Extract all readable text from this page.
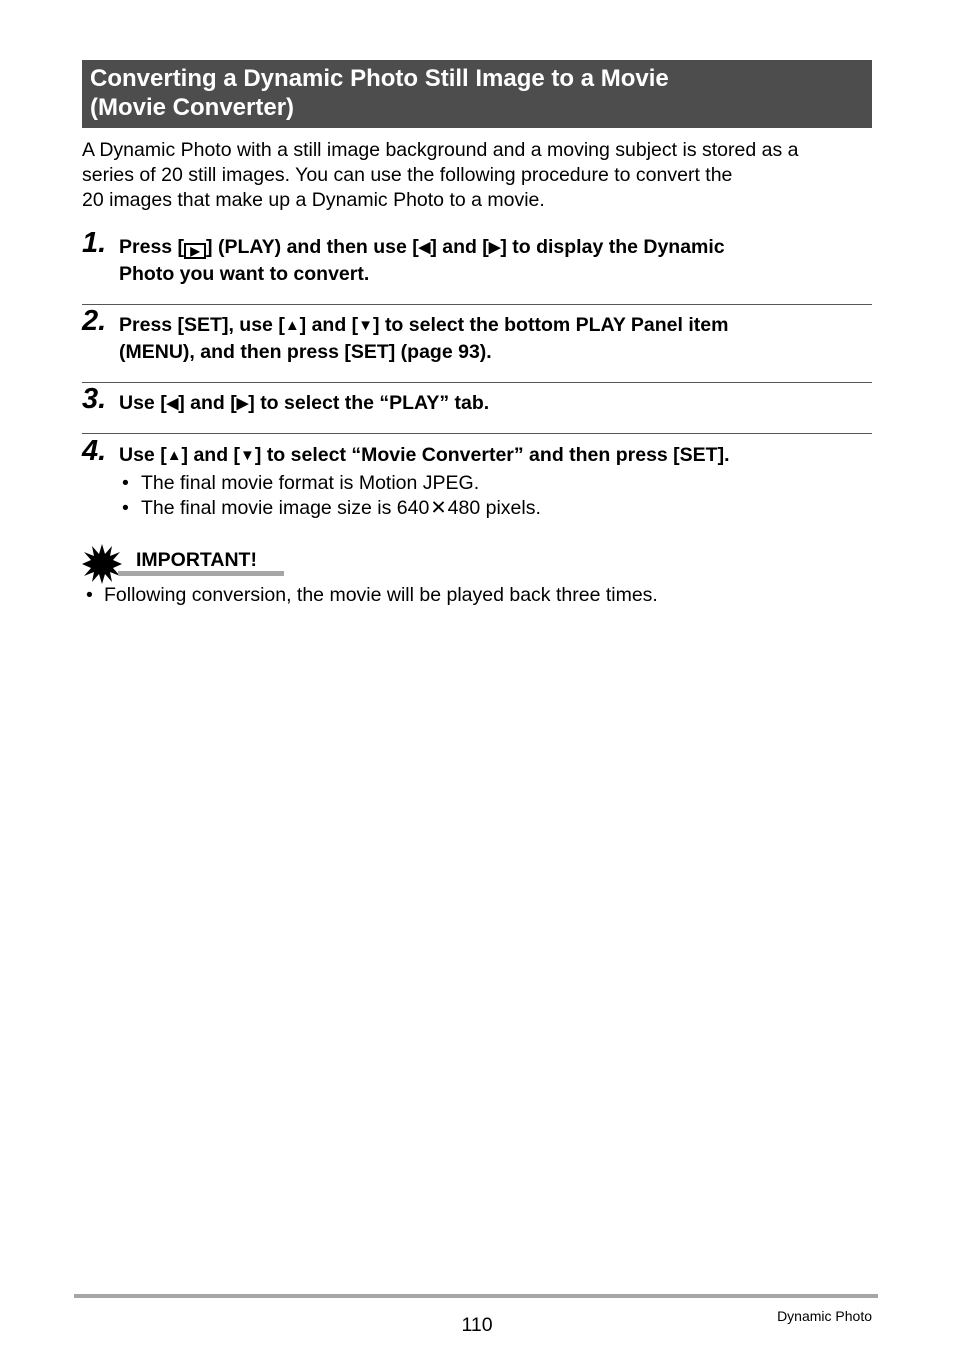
Converting a Dynamic Photo Still Image to a Movie
(Movie Converter)
A Dynamic Photo with a still image background and a moving subject is stored as a
series of 20 still images. You can use the following procedure to convert the
20 images that make up a Dynamic Photo to a movie.
1. Press [ ▶ ] (PLAY) and then use [◀] and [▶] to display the Dynamic
Photo you want to convert.
2. Press [SET], use [▲] and [▼] to select the bottom PLAY Panel item
(MENU), and then press [SET] (page 93).
3. Use [◀] and [▶] to select the “PLAY” tab.
4. Use [▲] and [▼] to select “Movie Converter” and then press [SET].
• The final movie format is Motion JPEG.
• The final movie image size is 640✕480 pixels.
IMPORTANT!
• Following conversion, the movie will be played back three times.
110	Dynamic Photo
